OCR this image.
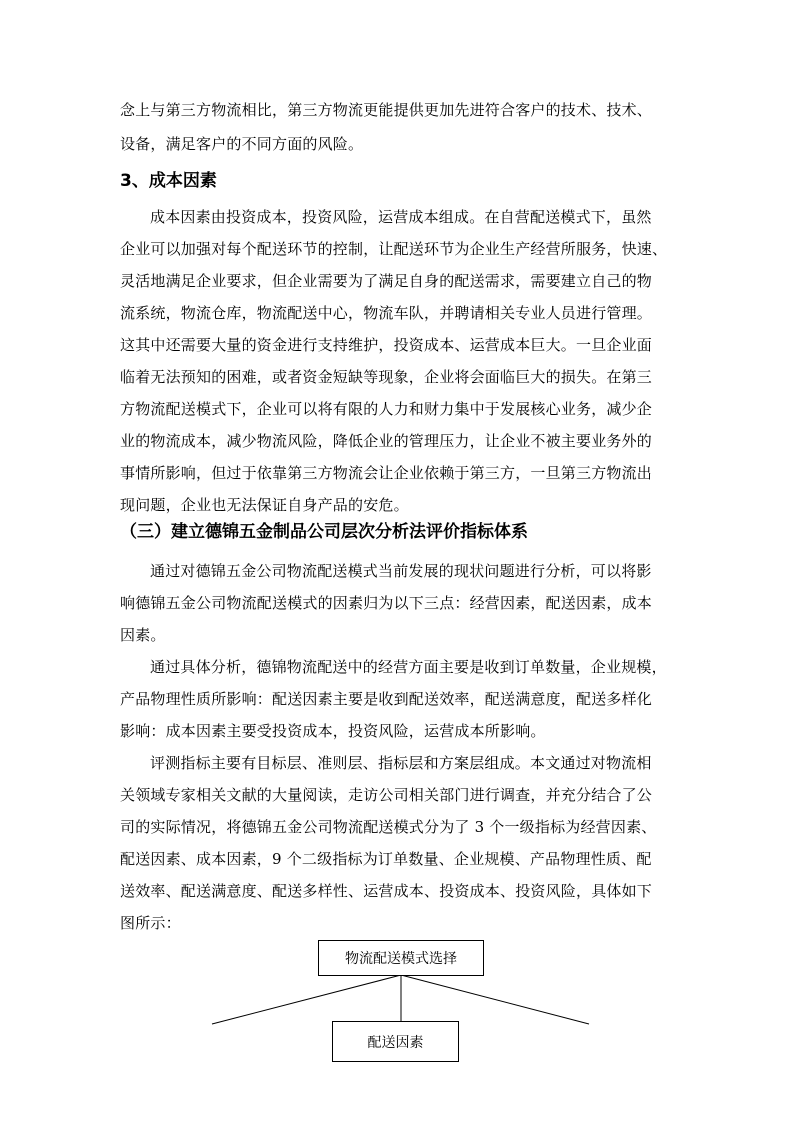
念上与第三方物流相比，第三方物流更能提供更加先进符合客户的技术、技术、
设备，满足客户的不同方面的风险。
3、成本因素
成本因素由投资成本，投资风险，运营成本组成。在自营配送模式下，虽然
企业可以加强对每个配送环节的控制，让配送环节为企业生产经营所服务，快速、
灵活地满足企业要求，但企业需要为了满足自身的配送需求，需要建立自己的物
流系统，物流仓库，物流配送中心，物流车队，并聘请相关专业人员进行管理。
这其中还需要大量的资金进行支持维护，投资成本、运营成本巨大。一旦企业面
临着无法预知的困难，或者资金短缺等现象，企业将会面临巨大的损失。在第三
方物流配送模式下，企业可以将有限的人力和财力集中于发展核心业务，减少企
业的物流成本，减少物流风险，降低企业的管理压力，让企业不被主要业务外的
事情所影响，但过于依靠第三方物流会让企业依赖于第三方，一旦第三方物流出
现问题，企业也无法保证自身产品的安危。
（三）建立德锦五金制品公司层次分析法评价指标体系
通过对德锦五金公司物流配送模式当前发展的现状问题进行分析，可以将影
响德锦五金公司物流配送模式的因素归为以下三点：经营因素，配送因素，成本
因素。
通过具体分析，德锦物流配送中的经营方面主要是收到订单数量，企业规模，
产品物理性质所影响：配送因素主要是收到配送效率，配送满意度，配送多样化
影响：成本因素主要受投资成本，投资风险，运营成本所影响。
评测指标主要有目标层、准则层、指标层和方案层组成。本文通过对物流相
关领域专家相关文献的大量阅读，走访公司相关部门进行调查，并充分结合了公
司的实际情况，将德锦五金公司物流配送模式分为了 3 个一级指标为经营因素、
配送因素、成本因素，9 个二级指标为订单数量、企业规模、产品物理性质、配
送效率、配送满意度、配送多样性、运营成本、投资成本、投资风险，具体如下
图所示：
物流配送模式选择
配送因素
